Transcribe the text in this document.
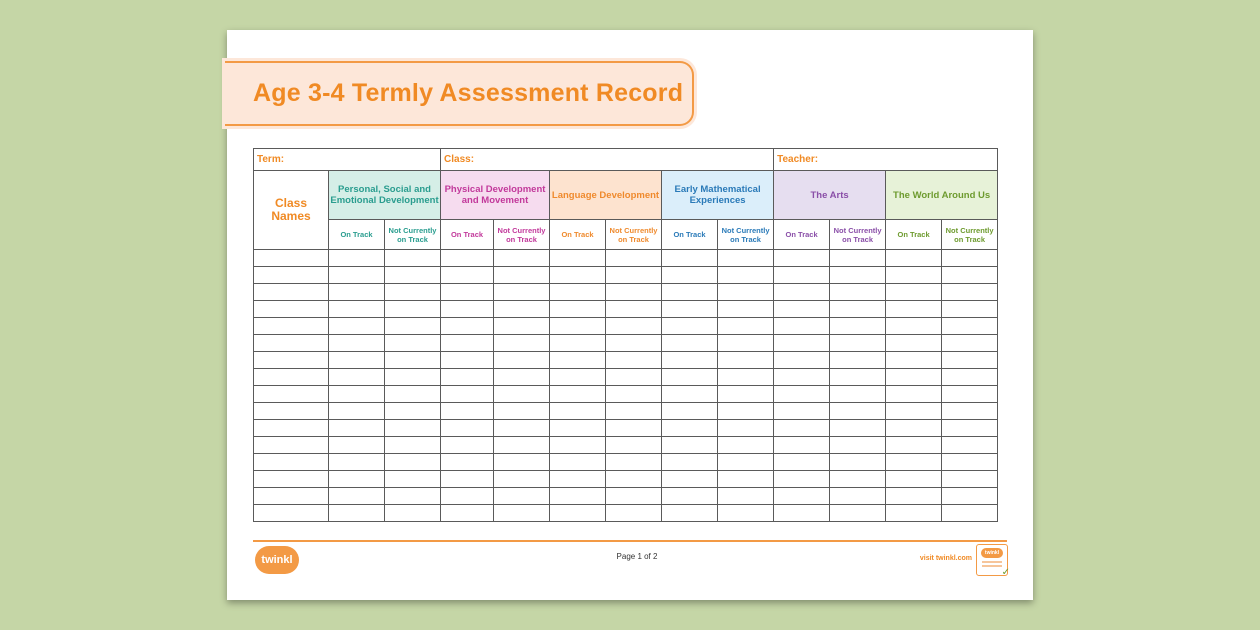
Age 3-4 Termly Assessment Record
Term:			Class:						Teacher:			
Class Names	Personal, Social and Emotional Development		Physical Development and Movement		Language Development		Early Mathematical Experiences		The Arts		The World Around Us	
	On Track	Not Currently on Track	On Track	Not Currently on Track	On Track	Not Currently on Track	On Track	Not Currently on Track	On Track	Not Currently on Track	On Track	Not Currently on Track

twinkl	Page 1 of 2	visit twinkl.com
twinkl
✓
